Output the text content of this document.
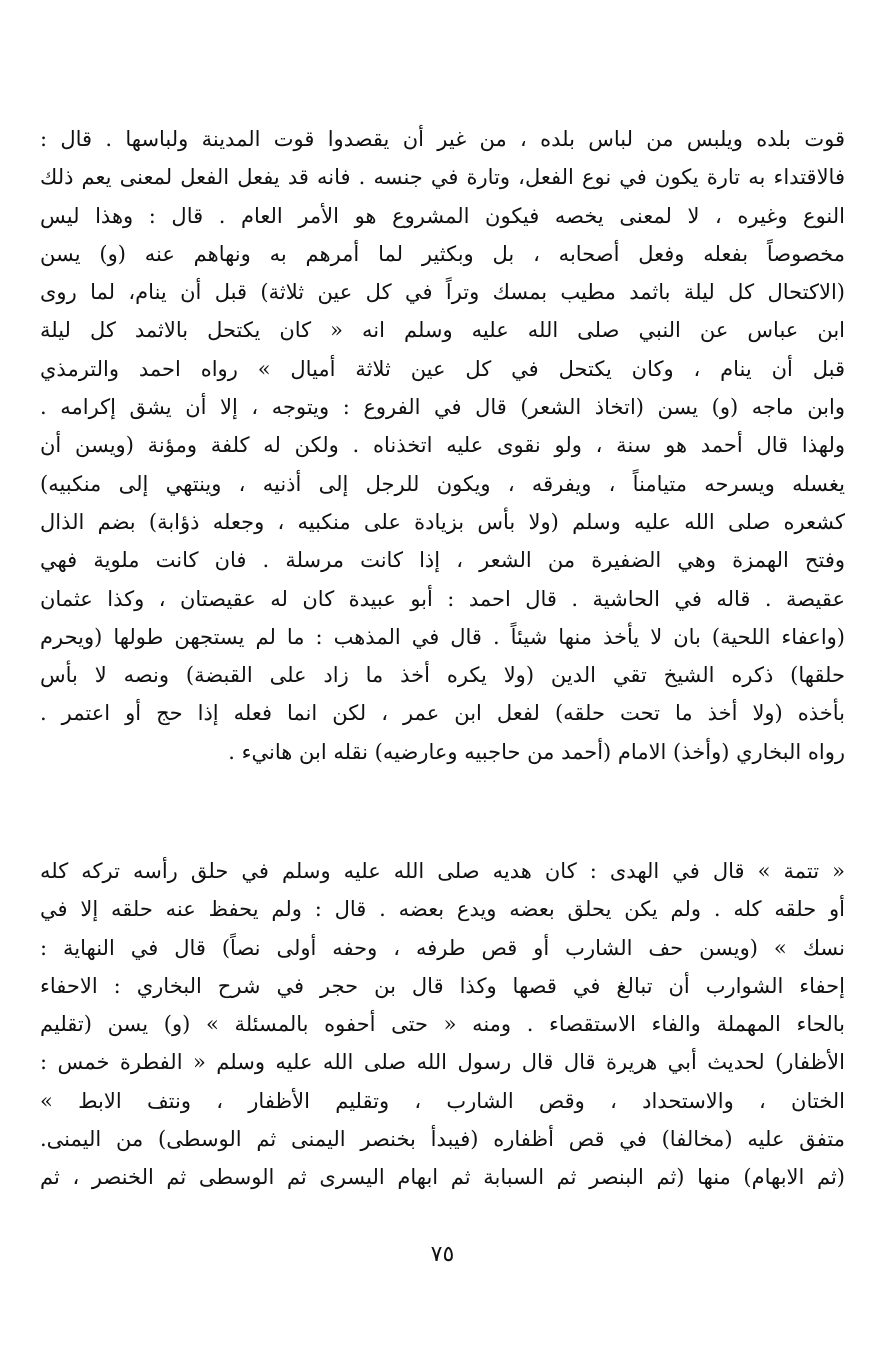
قوت بلده ويلبس من لباس بلده ، من غير أن يقصدوا قوت المدينة ولباسها . قال :
فالاقتداء به تارة يكون في نوع الفعل، وتارة في جنسه . فانه قد يفعل الفعل لمعنى يعم ذلك
النوع وغيره ، لا لمعنى يخصه فيكون المشروع هو الأمر العام . قال : وهذا ليس
مخصوصاً بفعله وفعل أصحابه ، بل وبكثير لما أمرهم به ونهاهم عنه (و) يسن
(الاكتحال كل ليلة باثمد مطيب بمسك وتراً في كل عين ثلاثة) قبل أن ينام، لما روى
ابن عباس عن النبي صلى الله عليه وسلم انه « كان يكتحل بالاثمد كل ليلة
قبل أن ينام ، وكان يكتحل في كل عين ثلاثة أميال » رواه احمد والترمذي
وابن ماجه (و) يسن (اتخاذ الشعر) قال في الفروع : ويتوجه ، إلا أن يشق إكرامه .
ولهذا قال أحمد هو سنة ، ولو نقوى عليه اتخذناه . ولكن له كلفة ومؤنة (ويسن أن
يغسله ويسرحه متيامناً ، ويفرقه ، ويكون للرجل إلى أذنيه ، وينتهي إلى منكبيه)
كشعره صلى الله عليه وسلم (ولا بأس بزيادة على منكبيه ، وجعله ذؤابة) بضم الذال
وفتح الهمزة وهي الضفيرة من الشعر ، إذا كانت مرسلة . فان كانت ملوية فهي
عقيصة . قاله في الحاشية . قال احمد : أبو عبيدة كان له عقيصتان ، وكذا عثمان
(واعفاء اللحية) بان لا يأخذ منها شيئاً . قال في المذهب : ما لم يستجهن طولها (ويحرم
حلقها) ذكره الشيخ تقي الدين (ولا يكره أخذ ما زاد على القبضة) ونصه لا بأس
بأخذه (ولا أخذ ما تحت حلقه) لفعل ابن عمر ، لكن انما فعله إذا حج أو اعتمر .
رواه البخاري (وأخذ) الامام (أحمد من حاجبيه وعارضيه) نقله ابن هانيء .
« تتمة » قال في الهدى : كان هديه صلى الله عليه وسلم في حلق رأسه تركه كله
أو حلقه كله . ولم يكن يحلق بعضه ويدع بعضه . قال : ولم يحفظ عنه حلقه إلا في
نسك » (ويسن حف الشارب أو قص طرفه ، وحفه أولى نصاً) قال في النهاية :
إحفاء الشوارب أن تبالغ في قصها وكذا قال بن حجر في شرح البخاري : الاحفاء
بالحاء المهملة والفاء الاستقصاء . ومنه « حتى أحفوه بالمسئلة » (و) يسن (تقليم
الأظفار) لحديث أبي هريرة قال قال رسول الله صلى الله عليه وسلم « الفطرة خمس :
الختان ، والاستحداد ، وقص الشارب ، وتقليم الأظفار ، ونتف الابط »
متفق عليه (مخالفا) في قص أظفاره (فيبدأ بخنصر اليمنى ثم الوسطى) من اليمنى.
(ثم الابهام) منها (ثم البنصر ثم السبابة ثم ابهام اليسرى ثم الوسطى ثم الخنصر ، ثم
٧٥
